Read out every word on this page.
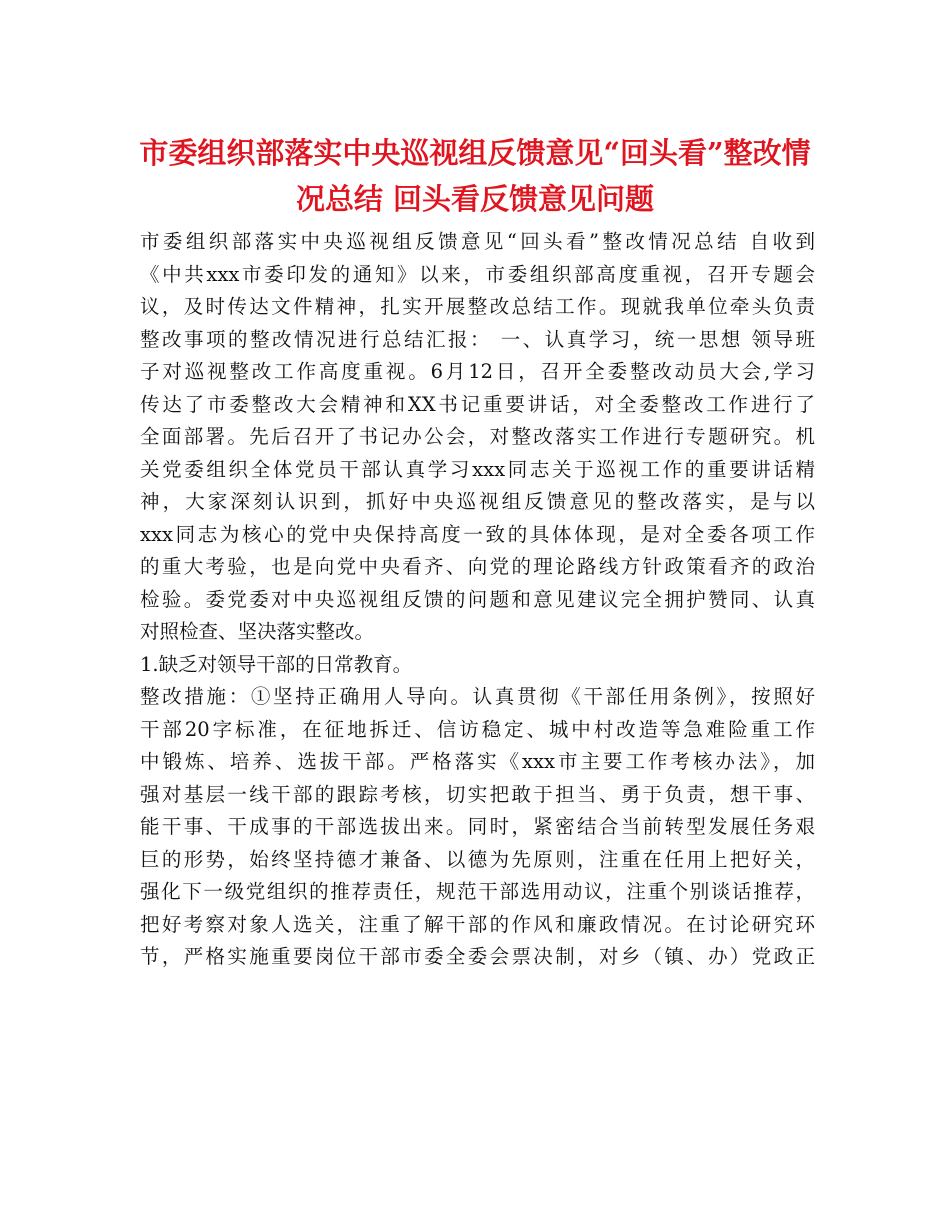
市委组织部落实中央巡视组反馈意见“回头看”整改情
况总结 回头看反馈意见问题
市委组织部落实中央巡视组反馈意见“回头看”整改情况总结 自收到
《中共xxx市委印发的通知》以来，市委组织部高度重视，召开专题会
议，及时传达文件精神，扎实开展整改总结工作。现就我单位牵头负责
整改事项的整改情况进行总结汇报： 一、认真学习，统一思想 领导班
子对巡视整改工作高度重视。6月12日，召开全委整改动员大会,学习
传达了市委整改大会精神和XX书记重要讲话，对全委整改工作进行了
全面部署。先后召开了书记办公会，对整改落实工作进行专题研究。机
关党委组织全体党员干部认真学习xxx同志关于巡视工作的重要讲话精
神，大家深刻认识到，抓好中央巡视组反馈意见的整改落实，是与以
xxx同志为核心的党中央保持高度一致的具体体现，是对全委各项工作
的重大考验，也是向党中央看齐、向党的理论路线方针政策看齐的政治
检验。委党委对中央巡视组反馈的问题和意见建议完全拥护赞同、认真
对照检查、坚决落实整改。
1.缺乏对领导干部的日常教育。
整改措施：①坚持正确用人导向。认真贯彻《干部任用条例》，按照好
干部20字标准，在征地拆迁、信访稳定、城中村改造等急难险重工作
中锻炼、培养、选拔干部。严格落实《xxx市主要工作考核办法》，加
强对基层一线干部的跟踪考核，切实把敢于担当、勇于负责，想干事、
能干事、干成事的干部选拔出来。同时，紧密结合当前转型发展任务艰
巨的形势，始终坚持德才兼备、以德为先原则，注重在任用上把好关，
强化下一级党组织的推荐责任，规范干部选用动议，注重个别谈话推荐，
把好考察对象人选关，注重了解干部的作风和廉政情况。在讨论研究环
节，严格实施重要岗位干部市委全委会票决制，对乡（镇、办）党政正
